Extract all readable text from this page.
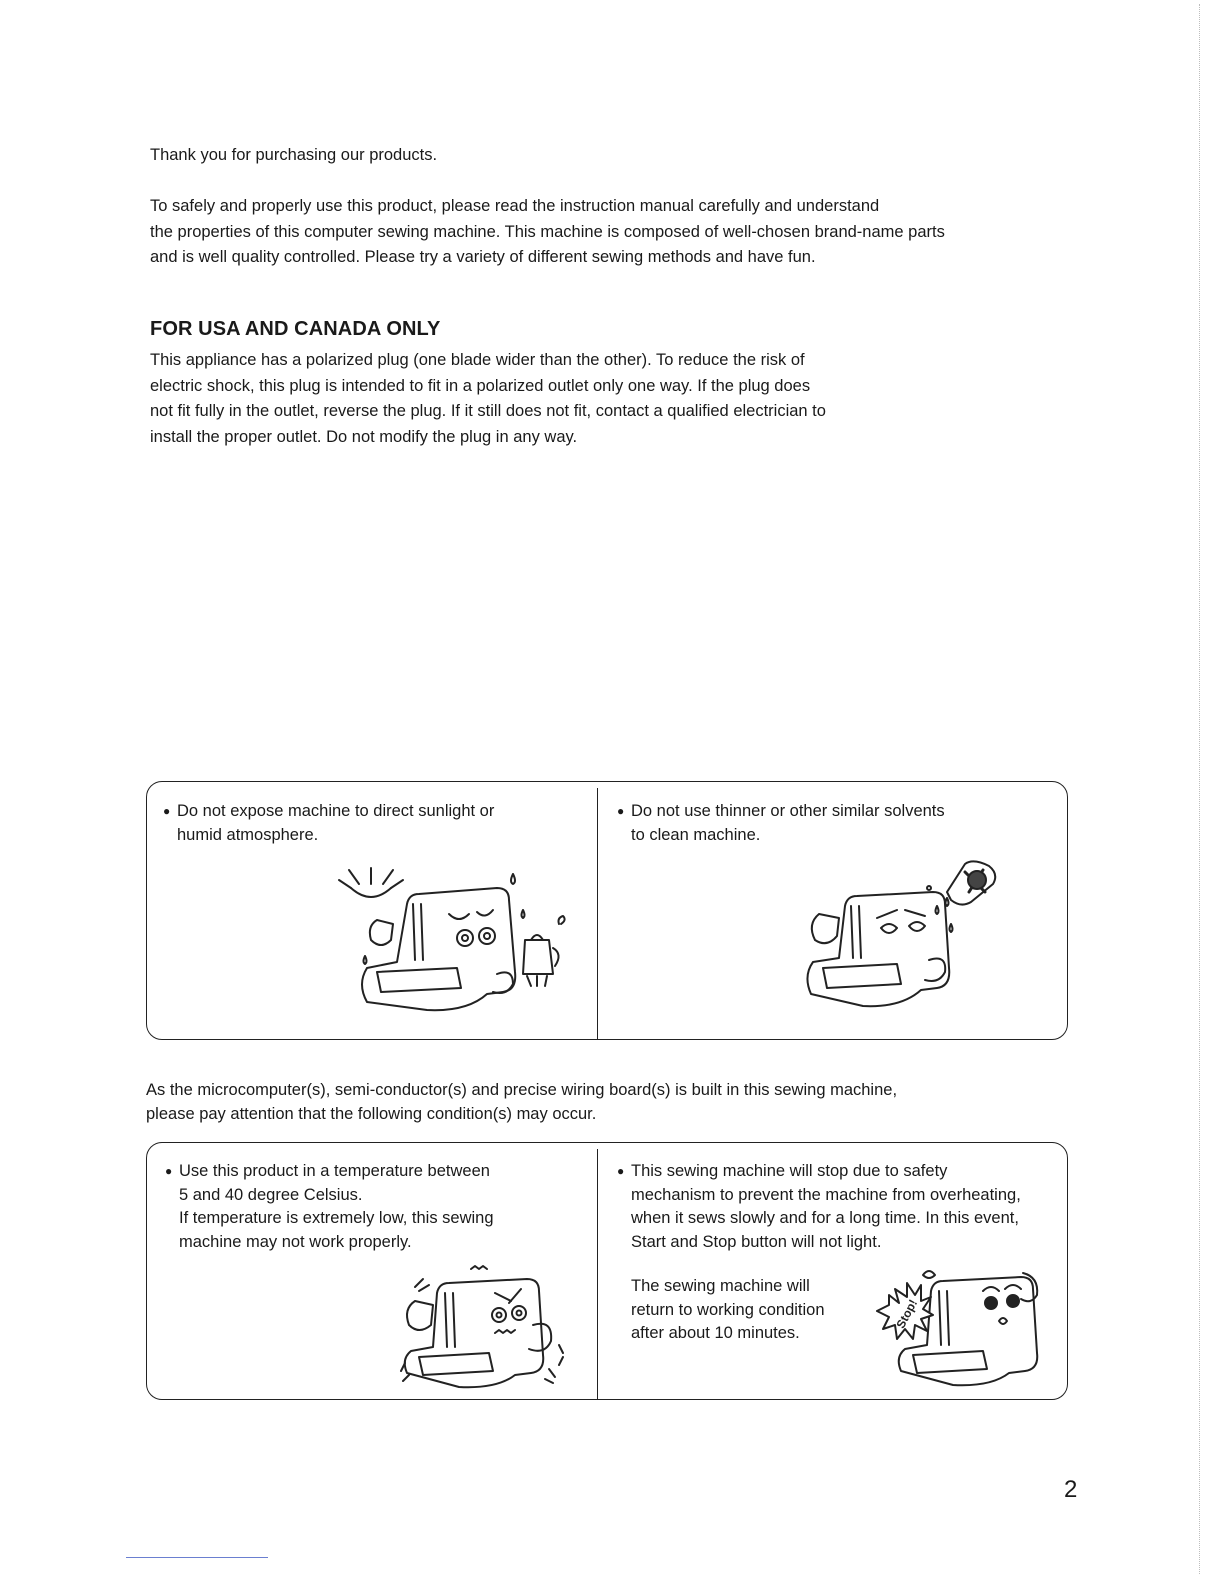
Thank you for purchasing our products.
To safely and properly use this product, please read the instruction manual carefully and understand
the properties of this computer sewing machine. This machine is composed of well-chosen brand-name parts
and is well quality controlled. Please try a variety of different sewing methods and have fun.
FOR USA AND CANADA ONLY
This appliance has a polarized plug (one blade wider than the other). To reduce the risk of
electric shock, this plug is intended to fit in a polarized outlet only one way. If the plug does
not fit fully in the outlet, reverse the plug. If it still does not fit, contact a qualified electrician to
install the proper outlet. Do not modify the plug in any way.
● Do not expose machine to direct sunlight or
humid atmosphere.
● Do not use thinner or other similar solvents
to clean machine.
As the microcomputer(s), semi-conductor(s) and precise wiring board(s) is built in this sewing machine,
please pay attention that the following condition(s) may occur.
● Use this product in a temperature between
5 and 40 degree Celsius.
If temperature is extremely low, this sewing
machine may not work properly.
● This sewing machine will stop due to safety
mechanism to prevent the machine from overheating,
when it sews slowly and for a long time. In this event,
Start and Stop button will not light.
The sewing machine will
return to working condition
after about 10 minutes.
Stop!

2
